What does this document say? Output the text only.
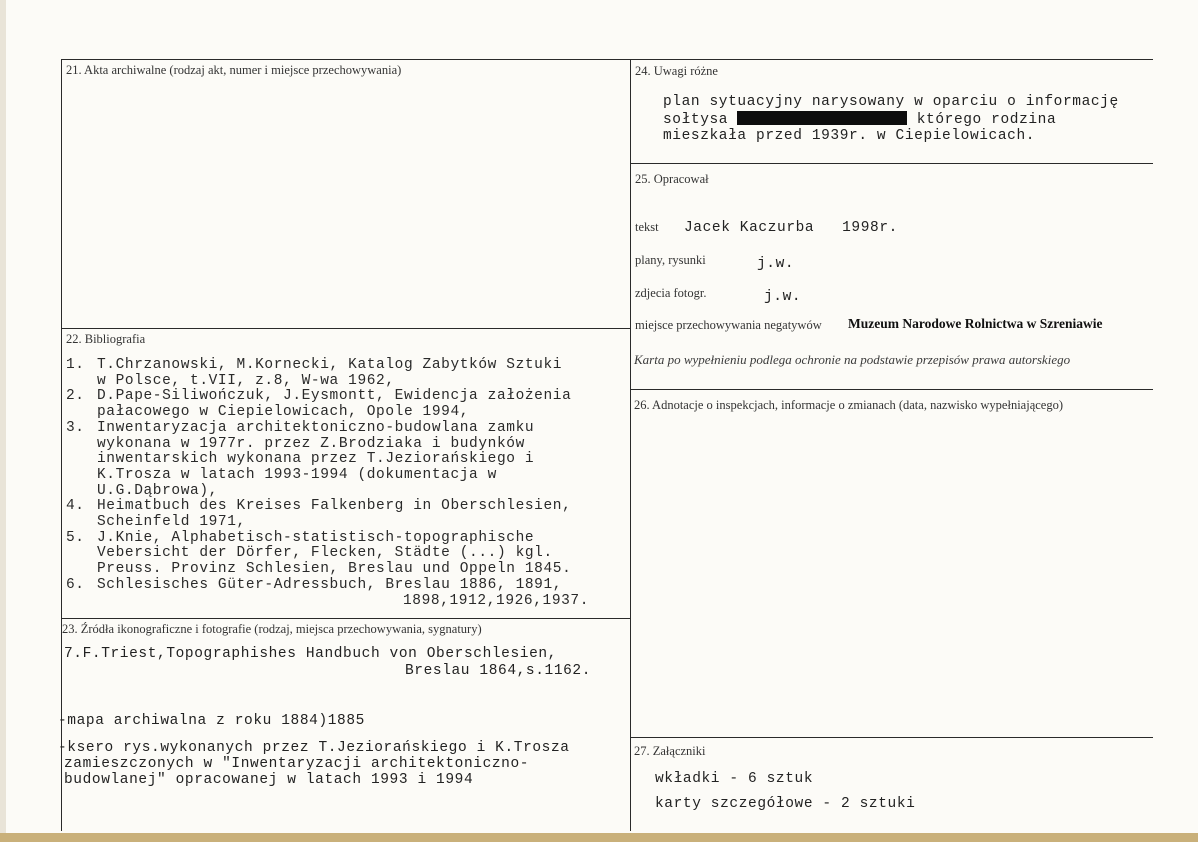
21. Akta archiwalne (rodzaj akt, numer i miejsce przechowywania)
22. Bibliografia
1. T.Chrzanowski, M.Kornecki, Katalog Zabytków Sztuki
w Polsce, t.VII, z.8, W-wa 1962,
2. D.Pape-Siliwończuk, J.Eysmontt, Ewidencja założenia
pałacowego w Ciepielowicach, Opole 1994,
3. Inwentaryzacja architektoniczno-budowlana zamku
wykonana w 1977r. przez Z.Brodziaka i budynków
inwentarskich wykonana przez T.Jeziorańskiego i
K.Trosza w latach 1993-1994 (dokumentacja w
U.G.Dąbrowa),
4. Heimatbuch des Kreises Falkenberg in Oberschlesien,
Scheinfeld 1971,
5. J.Knie, Alphabetisch-statistisch-topographische
Vebersicht der Dörfer, Flecken, Städte (...) kgl.
Preuss. Provinz Schlesien, Breslau und Oppeln 1845.
6. Schlesisches Güter-Adressbuch, Breslau 1886, 1891,
1898,1912,1926,1937.
23. Źródła ikonograficzne i fotografie (rodzaj, miejsca przechowywania, sygnatury)
7.F.Triest,Topographishes Handbuch von Oberschlesien,
Breslau 1864,s.1162.
-mapa archiwalna z roku 1884)1885
-ksero rys.wykonanych przez T.Jeziorańskiego i K.Trosza
zamieszczonych w "Inwentaryzacji architektoniczno-
budowlanej" opracowanej w latach 1993 i 1994
24. Uwagi różne
plan sytuacyjny narysowany w oparciu o informację
sołtysa	którego rodzina
mieszkała przed 1939r. w Ciepielowicach.
25. Opracował
tekst Jacek Kaczurba   1998r.
plany, rysunki	j.w.
zdjecia fotogr.	j.w.
miejsce przechowywania negatywów Muzeum Narodowe Rolnictwa w Szreniawie
Karta po wypełnieniu podlega ochronie na podstawie przepisów prawa autorskiego
26. Adnotacje o inspekcjach, informacje o zmianach (data, nazwisko wypełniającego)
27. Załączniki
wkładki - 6 sztuk
karty szczegółowe - 2 sztuki
